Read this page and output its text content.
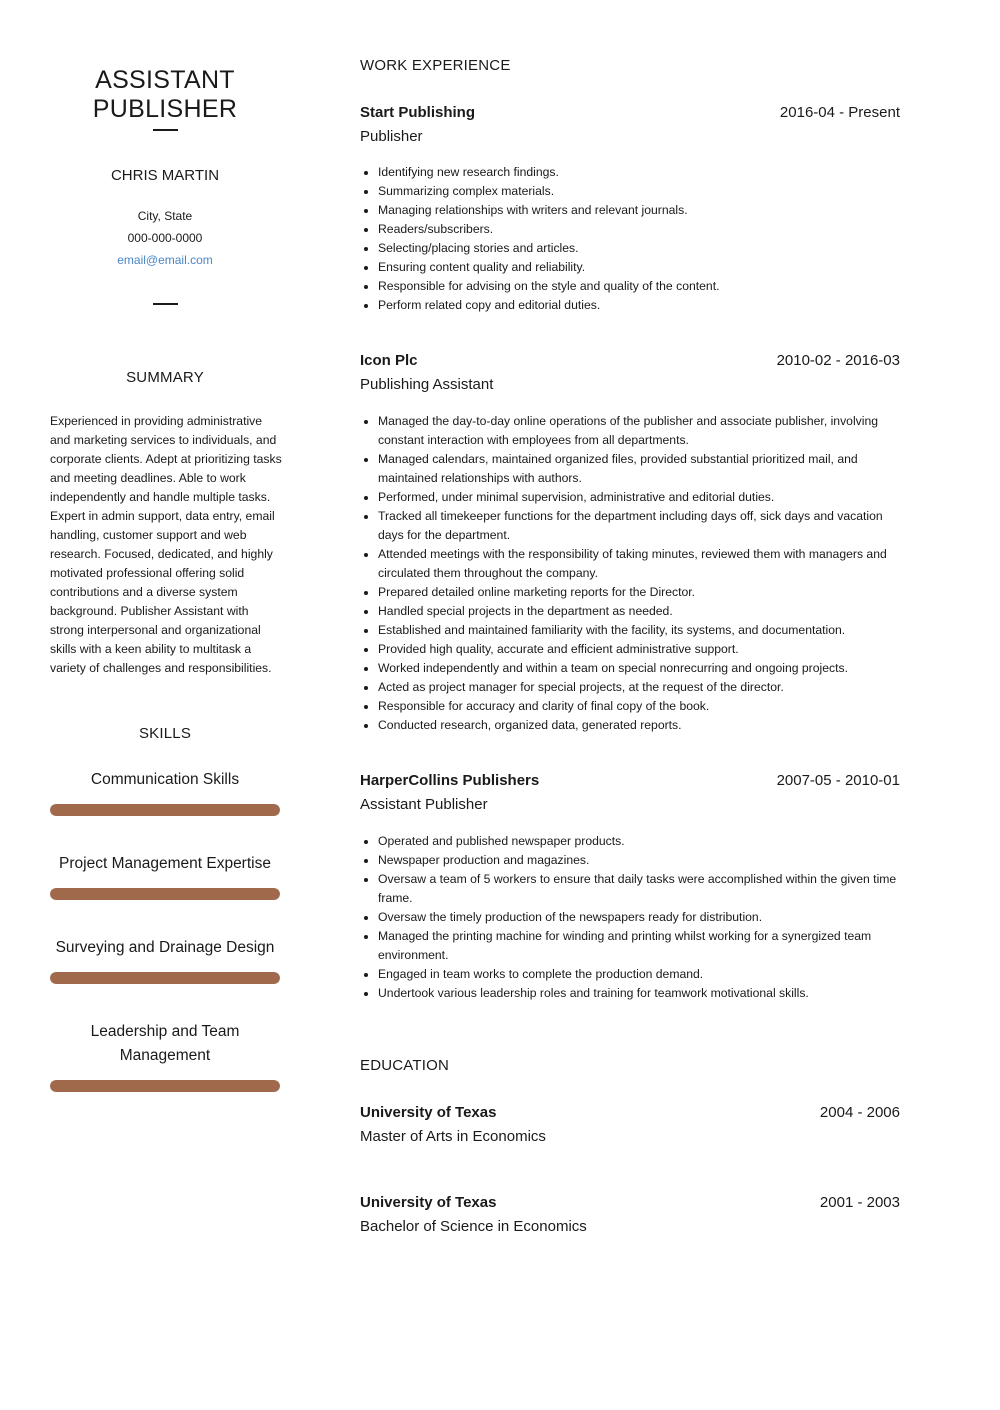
ASSISTANT PUBLISHER
CHRIS MARTIN
City, State
000-000-0000
email@email.com
SUMMARY
Experienced in providing administrative and marketing services to individuals, and corporate clients. Adept at prioritizing tasks and meeting deadlines. Able to work independently and handle multiple tasks. Expert in admin support, data entry, email handling, customer support and web research. Focused, dedicated, and highly motivated professional offering solid contributions and a diverse system background. Publisher Assistant with strong interpersonal and organizational skills with a keen ability to multitask a variety of challenges and responsibilities.
SKILLS
Communication Skills
Project Management Expertise
Surveying and Drainage Design
Leadership and Team Management
WORK EXPERIENCE
Start Publishing	2016-04 - Present
Publisher
• Identifying new research findings.
• Summarizing complex materials.
• Managing relationships with writers and relevant journals.
• Readers/subscribers.
• Selecting/placing stories and articles.
• Ensuring content quality and reliability.
• Responsible for advising on the style and quality of the content.
• Perform related copy and editorial duties.
Icon Plc	2010-02 - 2016-03
Publishing Assistant
• Managed the day-to-day online operations of the publisher and associate publisher, involving constant interaction with employees from all departments.
• Managed calendars, maintained organized files, provided substantial prioritized mail, and maintained relationships with authors.
• Performed, under minimal supervision, administrative and editorial duties.
• Tracked all timekeeper functions for the department including days off, sick days and vacation days for the department.
• Attended meetings with the responsibility of taking minutes, reviewed them with managers and circulated them throughout the company.
• Prepared detailed online marketing reports for the Director.
• Handled special projects in the department as needed.
• Established and maintained familiarity with the facility, its systems, and documentation.
• Provided high quality, accurate and efficient administrative support.
• Worked independently and within a team on special nonrecurring and ongoing projects.
• Acted as project manager for special projects, at the request of the director.
• Responsible for accuracy and clarity of final copy of the book.
• Conducted research, organized data, generated reports.
HarperCollins Publishers	2007-05 - 2010-01
Assistant Publisher
• Operated and published newspaper products.
• Newspaper production and magazines.
• Oversaw a team of 5 workers to ensure that daily tasks were accomplished within the given time frame.
• Oversaw the timely production of the newspapers ready for distribution.
• Managed the printing machine for winding and printing whilst working for a synergized team environment.
• Engaged in team works to complete the production demand.
• Undertook various leadership roles and training for teamwork motivational skills.
EDUCATION
University of Texas	2004 - 2006
Master of Arts in Economics
University of Texas	2001 - 2003
Bachelor of Science in Economics
